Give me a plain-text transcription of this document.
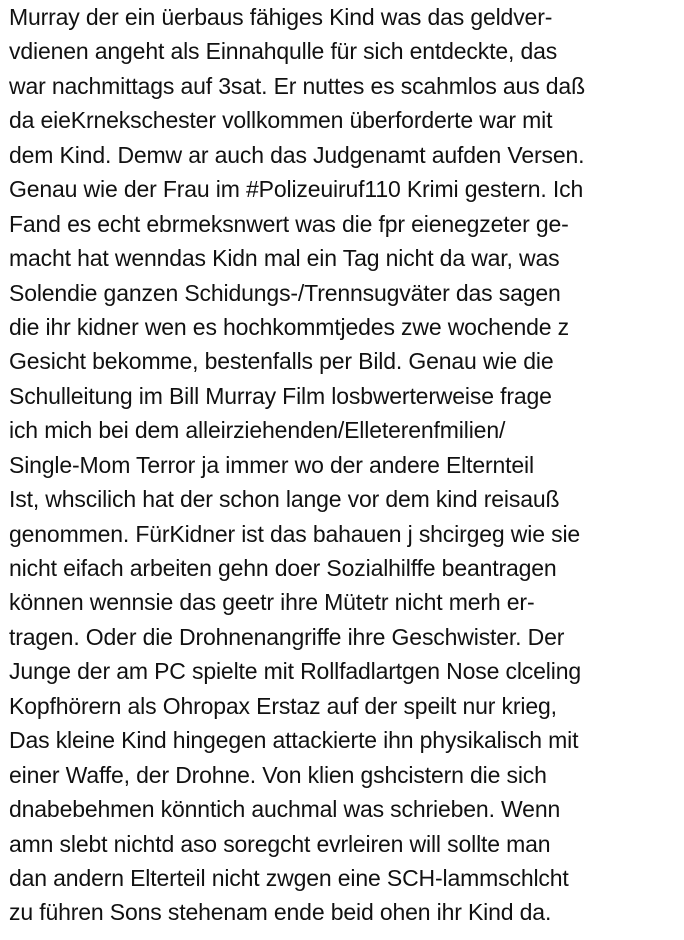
Murray der ein üerbaus fähiges Kind was das geldver-
vdienen angeht als Einnahqulle für sich entdeckte, das
war nachmittags auf 3sat. Er nuttes es scahmlos aus daß
da eieKrnekschester vollkommen überforderte war mit
dem Kind. Demw ar auch das Judgenamt aufden Versen.
Genau wie der Frau im #Polizeuiruf110 Krimi gestern. Ich
Fand es echt ebrmeksnwert was die fpr eienegzeter ge-
macht hat wenndas Kidn mal ein Tag nicht da war, was
Solendie ganzen Schidungs-/Trennsugväter das sagen
die ihr kidner wen es hochkommtjedes zwe wochende z
Gesicht bekomme, bestenfalls per Bild. Genau wie die
Schulleitung im Bill Murray Film losbwerterweise frage
ich mich bei dem alleirziehenden/Elleterenfmilien/
Single-Mom Terror ja immer wo der andere Elternteil
Ist, whscilich hat der schon lange vor dem kind reisauß
genommen. FürKidner ist das bahauen j shcirgeg wie sie
nicht eifach arbeiten gehn doer Sozialhilffe beantragen
können wennsie das geetr ihre Mütetr nicht merh er-
tragen. Oder die Drohnenangriffe ihre Geschwister. Der
Junge der am PC spielte mit Rollfadlartgen Nose clceling
Kopfhörern als Ohropax Erstaz auf der speilt nur krieg,
Das kleine Kind hingegen attackierte ihn physikalisch mit
einer Waffe, der Drohne. Von klien gshcistern die sich
dnabebehmen könntich auchmal was schrieben. Wenn
amn slebt nichtd aso soregcht evrleiren will sollte man
dan andern Elterteil nicht zwgen eine SCH-lammschlcht
zu führen Sons stehenam ende beid ohen ihr Kind da.
